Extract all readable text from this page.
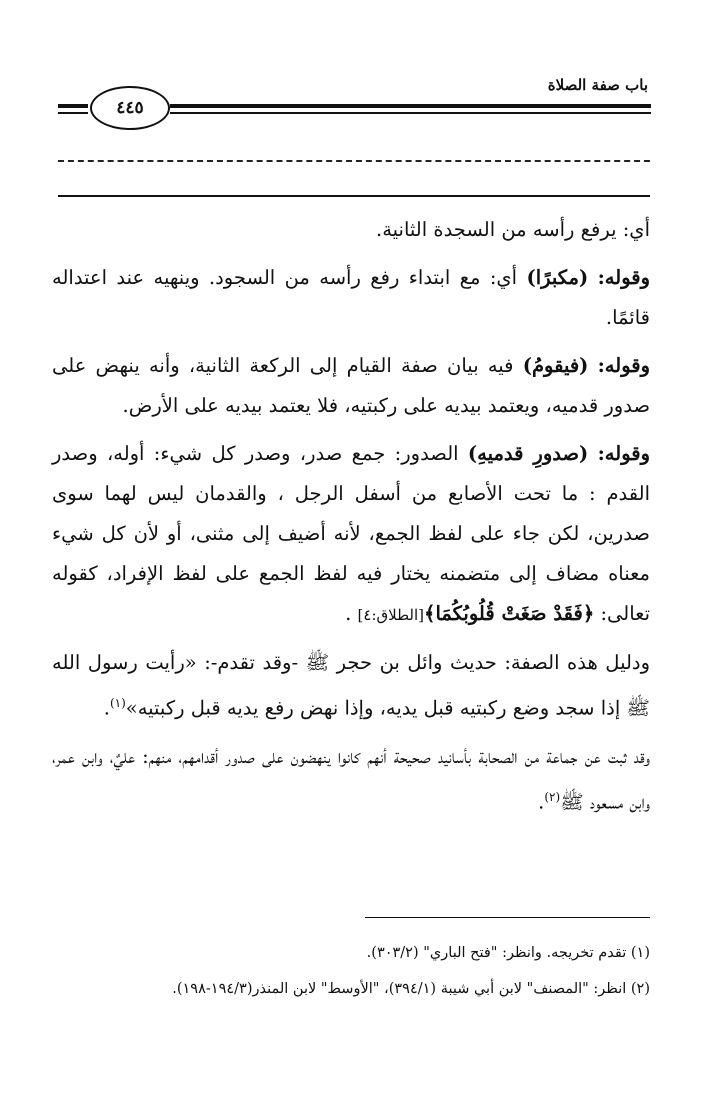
باب صفة الصلاة
٤٤٥

أي: يرفع رأسه من السجدة الثانية.

وقوله: (مكبرًا) أي: مع ابتداء رفع رأسه من السجود. وينهيه عند اعتداله قائمًا.

وقوله: (فيقومُ) فيه بيان صفة القيام إلى الركعة الثانية، وأنه ينهض على صدور قدميه، ويعتمد بيديه على ركبتيه، فلا يعتمد بيديه على الأرض.

وقوله: (صدورِ قدميهِ) الصدور: جمع صدر، وصدر كل شيء: أوله، وصدر القدم : ما تحت الأصابع من أسفل الرجل ، والقدمان ليس لهما سوى صدرين، لكن جاء على لفظ الجمع، لأنه أضيف إلى مثنى، أو لأن كل شيء معناه مضاف إلى متضمنه يختار فيه لفظ الجمع على لفظ الإفراد، كقوله تعالى: ﴿فَقَدْ صَغَتْ قُلُوبُكُمَا﴾[الطلاق:٤] .

ودليل هذه الصفة: حديث وائل بن حجر ﷺ -وقد تقدم-: «رأيت رسول الله ﷺ إذا سجد وضع ركبتيه قبل يديه، وإذا نهض رفع يديه قبل ركبتيه»$^{(١)}$.

وقد ثبت عن جماعة من الصحابة بأسانيد صحيحة أنهم كانوا ينهضون على صدور أقدامهم، منهم: عليٌ، وابن عمر، وابن مسعود ﷺ$^{(٢)}$.

(١) تقدم تخريجه. وانظر: "فتح الباري" (٣٠٣/٢).

(٢) انظر: "المصنف" لابن أبي شيبة (٣٩٤/١)، "الأوسط" لابن المنذر(١٩٤/٣-١٩٨).
